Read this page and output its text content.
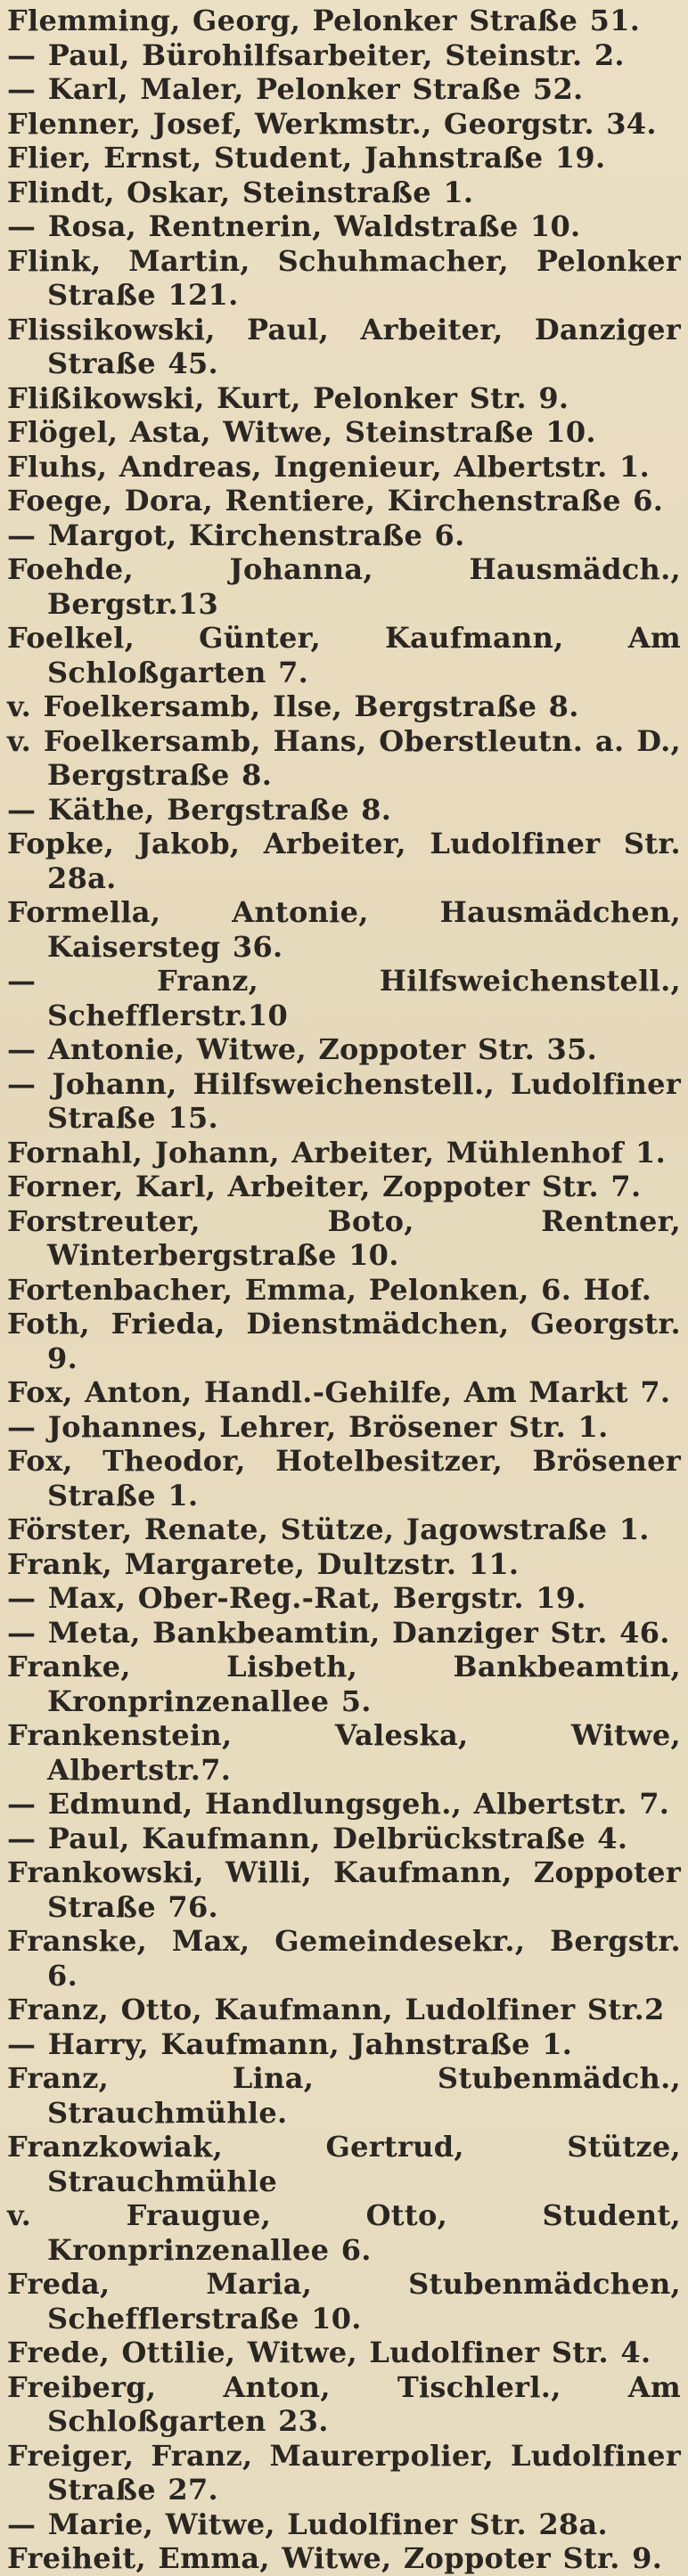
Flemming, Georg, Pelonker Straße 51.
— Paul, Bürohilfsarbeiter, Steinstr. 2.
— Karl, Maler, Pelonker Straße 52.
Flenner, Josef, Werkmstr., Georgstr. 34.
Flier, Ernst, Student, Jahnstraße 19.
Flindt, Oskar, Steinstraße 1.
— Rosa, Rentnerin, Waldstraße 10.
Flink, Martin, Schuhmacher, Pelonker Straße 121.
Flissikowski, Paul, Arbeiter, Danziger Straße 45.
Flißikowski, Kurt, Pelonker Str. 9.
Flögel, Asta, Witwe, Steinstraße 10.
Fluhs, Andreas, Ingenieur, Albertstr. 1.
Foege, Dora, Rentiere, Kirchenstraße 6.
— Margot, Kirchenstraße 6.
Foehde, Johanna, Hausmädch., Bergstr.13
Foelkel, Günter, Kaufmann, Am Schloßgarten 7.
v. Foelkersamb, Ilse, Bergstraße 8.
v. Foelkersamb, Hans, Oberstleutn. a. D., Bergstraße 8.
— Käthe, Bergstraße 8.
Fopke, Jakob, Arbeiter, Ludolfiner Str. 28a.
Formella, Antonie, Hausmädchen, Kaisersteg 36.
— Franz, Hilfsweichenstell., Schefflerstr.10
— Antonie, Witwe, Zoppoter Str. 35.
— Johann, Hilfsweichenstell., Ludolfiner Straße 15.
Fornahl, Johann, Arbeiter, Mühlenhof 1.
Forner, Karl, Arbeiter, Zoppoter Str. 7.
Forstreuter, Boto, Rentner, Winterbergstraße 10.
Fortenbacher, Emma, Pelonken, 6. Hof.
Foth, Frieda, Dienstmädchen, Georgstr. 9.
Fox, Anton, Handl.-Gehilfe, Am Markt 7.
— Johannes, Lehrer, Brösener Str. 1.
Fox, Theodor, Hotelbesitzer, Brösener Straße 1.
Förster, Renate, Stütze, Jagowstraße 1.
Frank, Margarete, Dultzstr. 11.
— Max, Ober-Reg.-Rat, Bergstr. 19.
— Meta, Bankbeamtin, Danziger Str. 46.
Franke, Lisbeth, Bankbeamtin, Kronprinzenallee 5.
Frankenstein, Valeska, Witwe, Albertstr.7.
— Edmund, Handlungsgeh., Albertstr. 7.
— Paul, Kaufmann, Delbrückstraße 4.
Frankowski, Willi, Kaufmann, Zoppoter Straße 76.
Franske, Max, Gemeindesekr., Bergstr. 6.
Franz, Otto, Kaufmann, Ludolfiner Str.2
— Harry, Kaufmann, Jahnstraße 1.
Franz, Lina, Stubenmädch., Strauchmühle.
Franzkowiak, Gertrud, Stütze, Strauchmühle
v. Fraugue, Otto, Student, Kronprinzenallee 6.
Freda, Maria, Stubenmädchen, Schefflerstraße 10.
Frede, Ottilie, Witwe, Ludolfiner Str. 4.
Freiberg, Anton, Tischlerl., Am Schloßgarten 23.
Freiger, Franz, Maurerpolier, Ludolfiner Straße 27.
— Marie, Witwe, Ludolfiner Str. 28a.
Freiheit, Emma, Witwe, Zoppoter Str. 9.
